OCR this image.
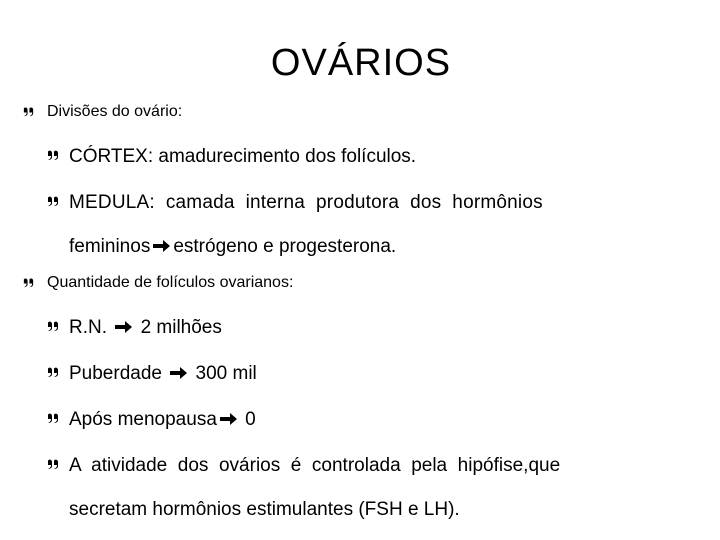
OVÁRIOS
Divisões do ovário:
CÓRTEX: amadurecimento dos folículos.
MEDULA:  camada  interna  produtora  dos  hormônios
femininos estrógeno e progesterona.
Quantidade de folículos ovarianos:
R.N. 2 milhões
Puberdade 300 mil
Após menopausa 0
A  atividade  dos  ovários  é  controlada  pela  hipófise,que
secretam hormônios estimulantes (FSH e LH).
